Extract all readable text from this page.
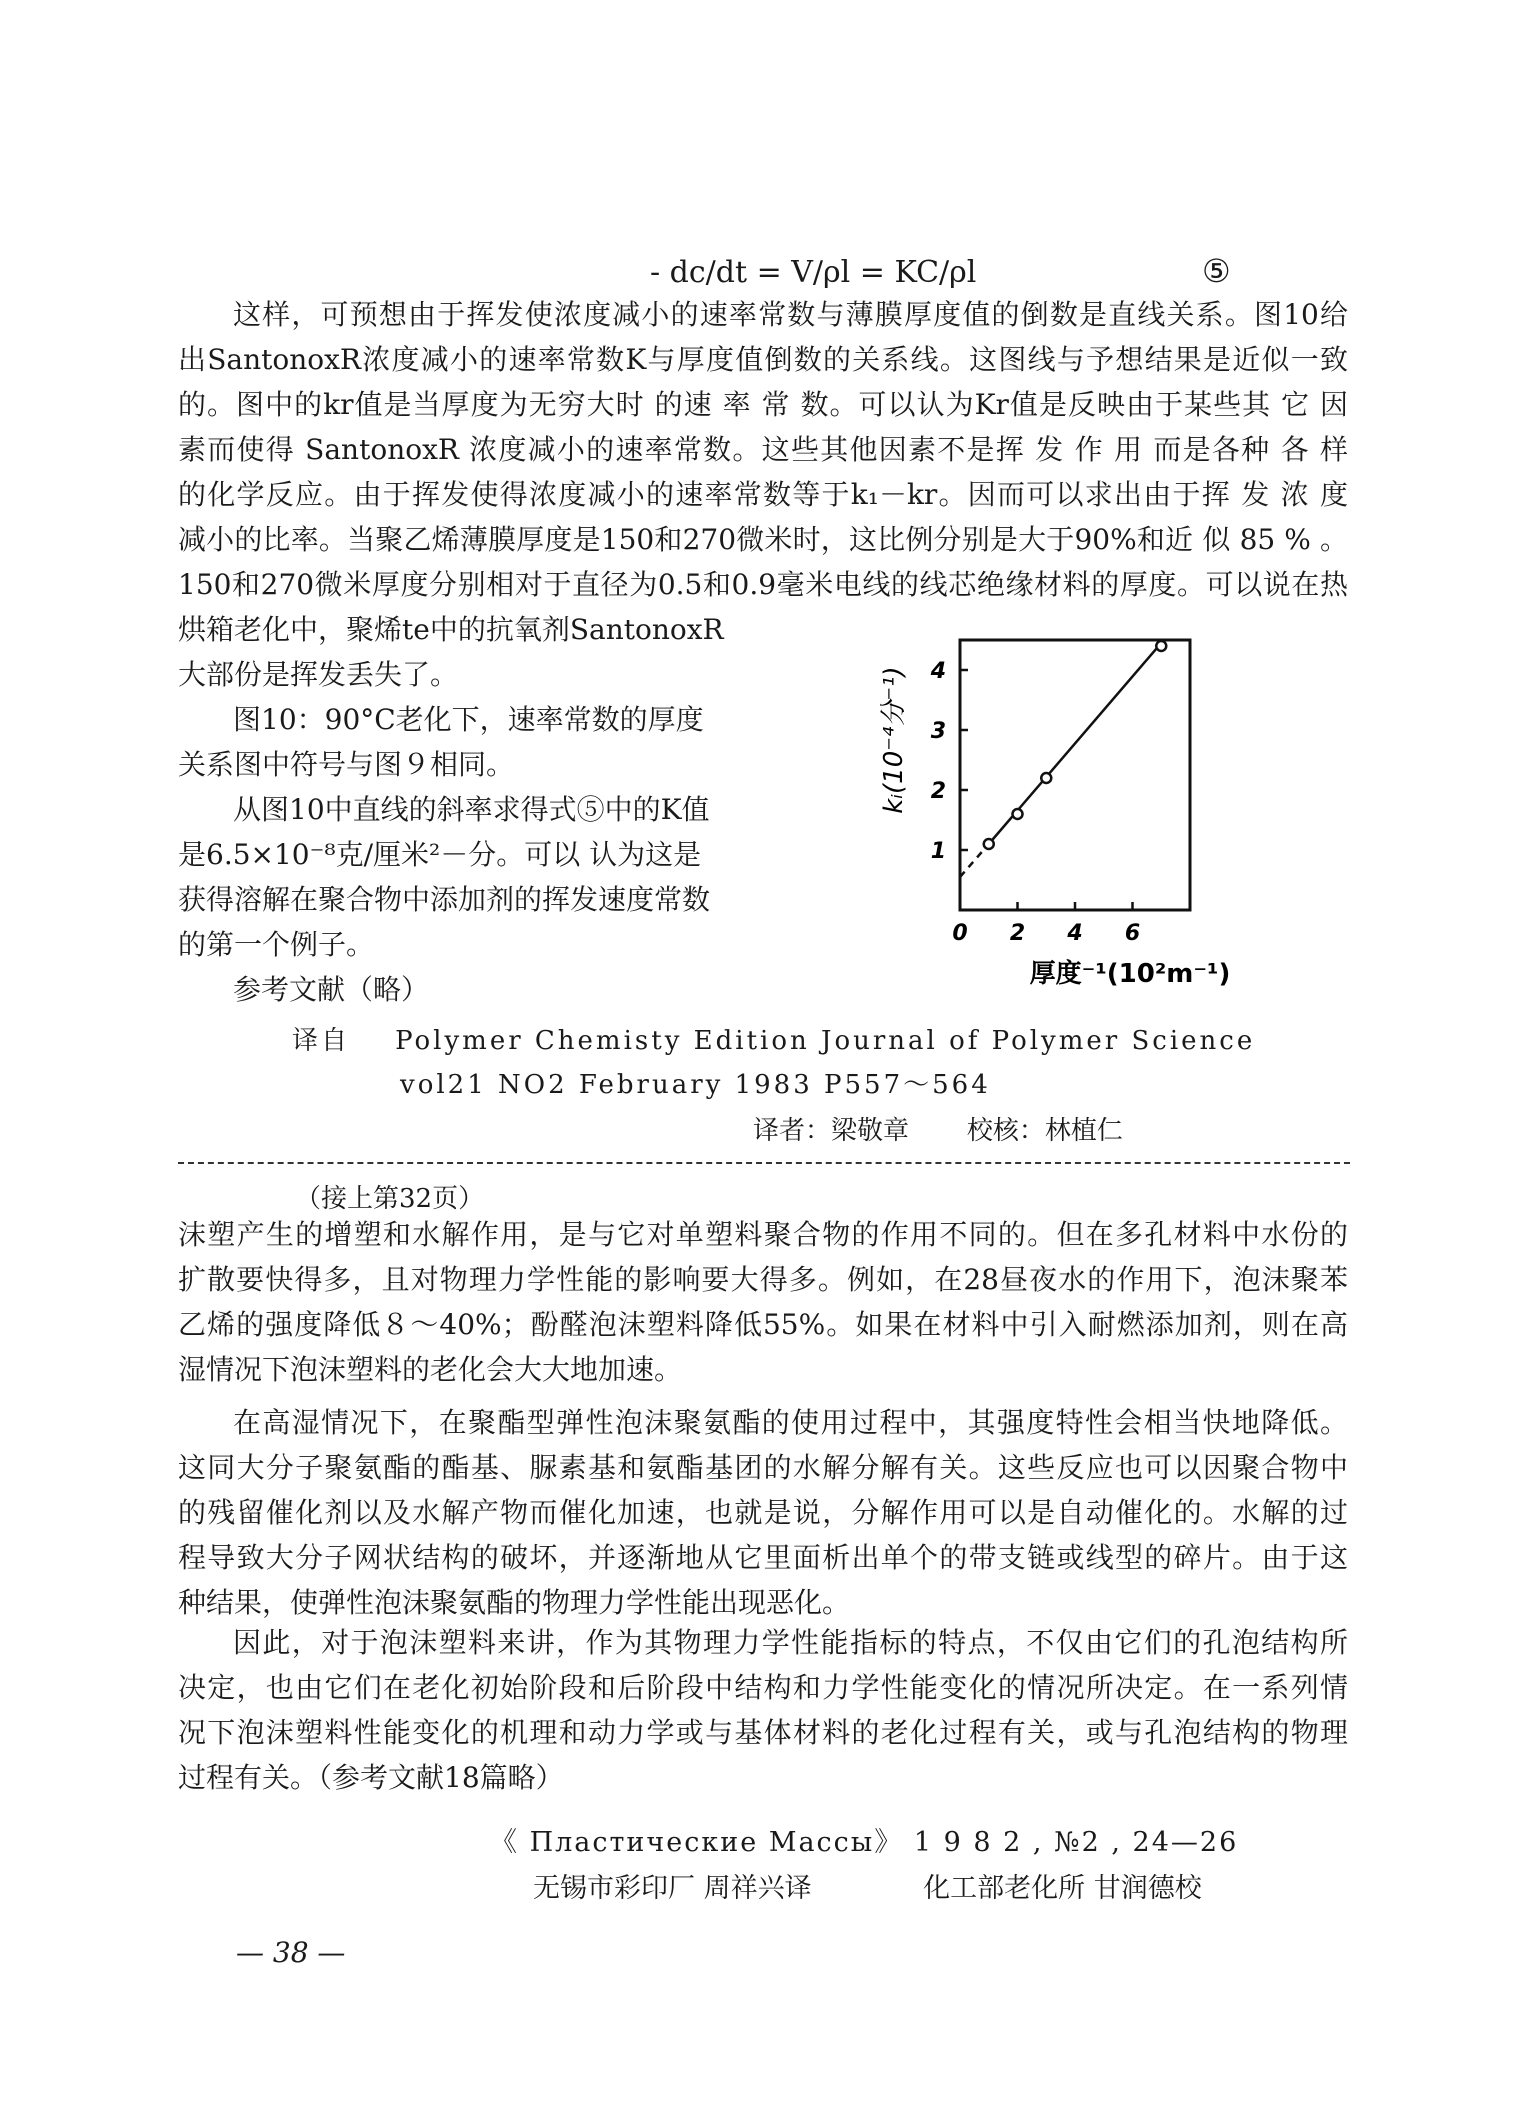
- dc/dt = V/ρl = KC/ρl	⑤
这样，可预想由于挥发使浓度减小的速率常数与薄膜厚度值的倒数是直线关系。图10给
出SantonoxR浓度减小的速率常数K与厚度值倒数的关系线。这图线与予想结果是近似一致
的。图中的kr值是当厚度为无穷大时 的速 率 常 数。可以认为Kr值是反映由于某些其 它 因
素而使得 SantonoxR 浓度减小的速率常数。这些其他因素不是挥 发 作 用 而是各种 各 样
的化学反应。由于挥发使得浓度减小的速率常数等于k₁－kr。因而可以求出由于挥 发 浓 度
减小的比率。当聚乙烯薄膜厚度是150和270微米时，这比例分别是大于90%和近 似 85 % 。
150和270微米厚度分别相对于直径为0.5和0.9毫米电线的线芯绝缘材料的厚度。可以说在热
烘箱老化中，聚烯te中的抗氧剂SantonoxR
大部份是挥发丢失了。
图10：90°C老化下，速率常数的厚度
关系图中符号与图９相同。
从图10中直线的斜率求得式⑤中的K值
是6.5×10⁻⁸克/厘米²－分。可以 认为这是
获得溶解在聚合物中添加剂的挥发速度常数
的第一个例子。
参考文献（略）
0 2 4 6
1
2
3
4
kᵢ(10⁻⁴分⁻¹)
厚度⁻¹(10²m⁻¹)
译自 Polymer Chemisty Edition Journal of Polymer Science
vol21 NO2 February 1983 P557～564
译者：梁敬章 校核：林植仁
（接上第32页）
沫塑产生的增塑和水解作用，是与它对单塑料聚合物的作用不同的。但在多孔材料中水份的
扩散要快得多，且对物理力学性能的影响要大得多。例如，在28昼夜水的作用下，泡沫聚苯
乙烯的强度降低８～40%；酚醛泡沫塑料降低55%。如果在材料中引入耐燃添加剂，则在高
湿情况下泡沫塑料的老化会大大地加速。
在高湿情况下，在聚酯型弹性泡沫聚氨酯的使用过程中，其强度特性会相当快地降低。
这同大分子聚氨酯的酯基、脲素基和氨酯基团的水解分解有关。这些反应也可以因聚合物中
的残留催化剂以及水解产物而催化加速，也就是说，分解作用可以是自动催化的。水解的过
程导致大分子网状结构的破坏，并逐渐地从它里面析出单个的带支链或线型的碎片。由于这
种结果，使弹性泡沫聚氨酯的物理力学性能出现恶化。
因此，对于泡沫塑料来讲，作为其物理力学性能指标的特点，不仅由它们的孔泡结构所
决定，也由它们在老化初始阶段和后阶段中结构和力学性能变化的情况所决定。在一系列情
况下泡沫塑料性能变化的机理和动力学或与基体材料的老化过程有关，或与孔泡结构的物理
过程有关。（参考文献18篇略）
《 Пластические Массы》 1 9 8 2 , №2 , 24—26
无锡市彩印厂 周祥兴译	化工部老化所 甘润德校
— 38 —
